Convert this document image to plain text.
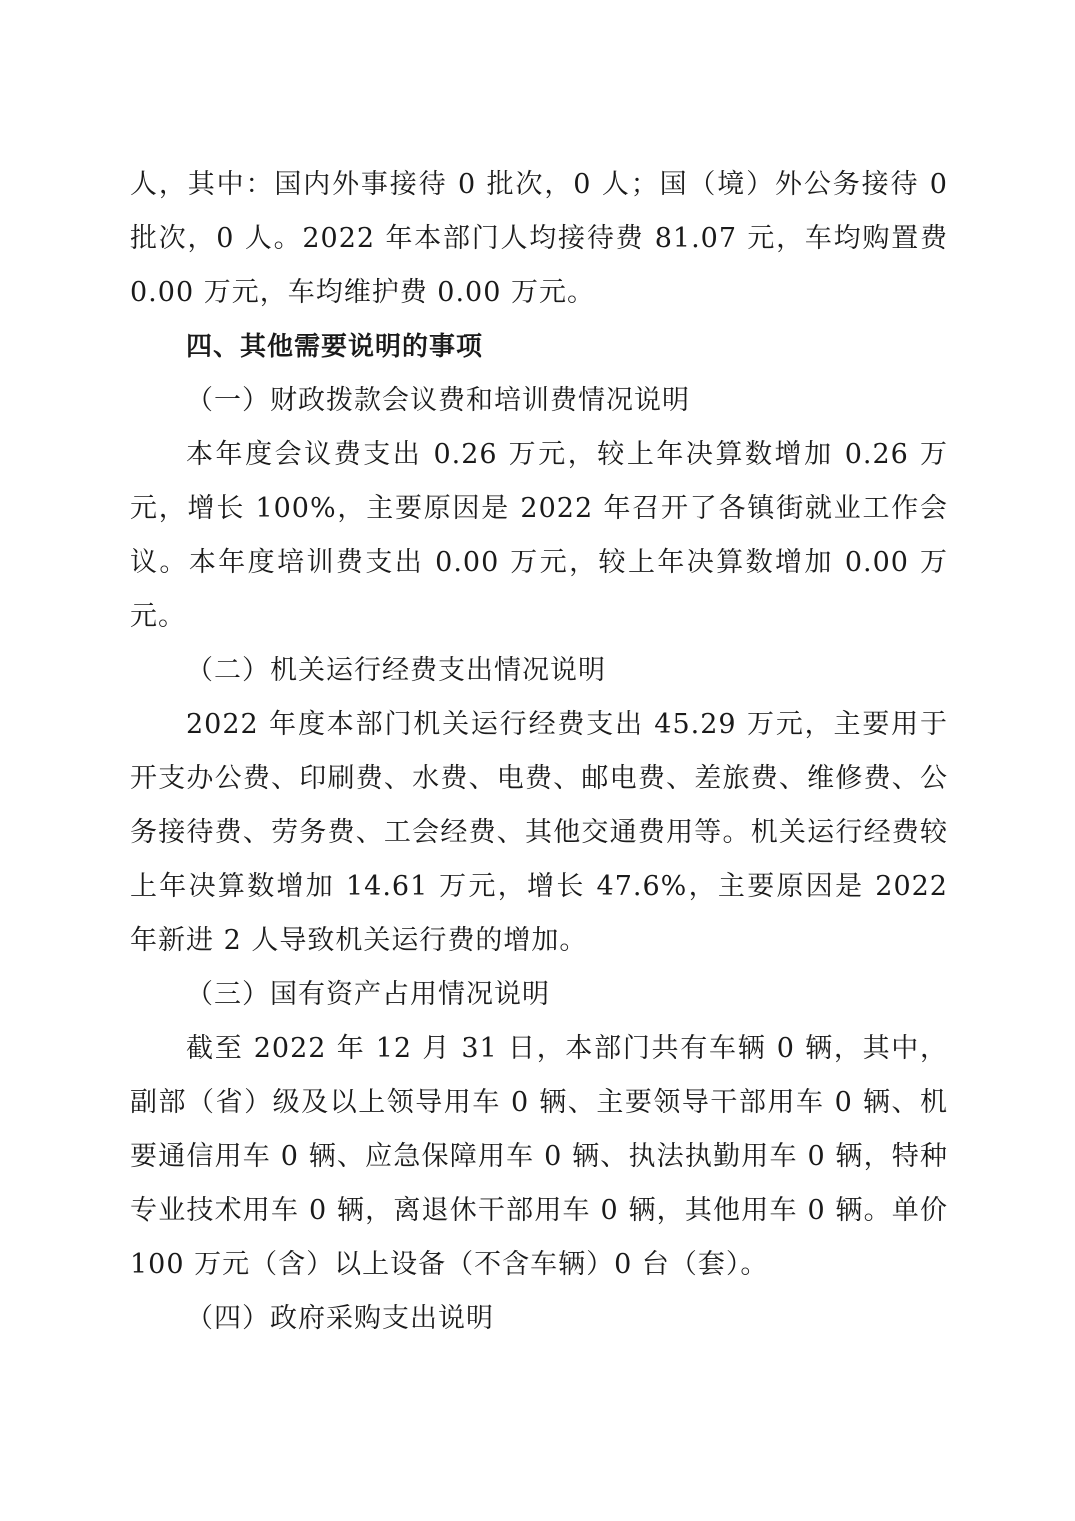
人，其中：国内外事接待 0 批次，0 人；国（境）外公务接待 0 批次，0 人。2022 年本部门人均接待费 81.07 元，车均购置费 0.00 万元，车均维护费 0.00 万元。

四、其他需要说明的事项

（一）财政拨款会议费和培训费情况说明

本年度会议费支出 0.26 万元，较上年决算数增加 0.26 万元，增长 100%，主要原因是 2022 年召开了各镇街就业工作会议。本年度培训费支出 0.00 万元，较上年决算数增加 0.00 万元。

（二）机关运行经费支出情况说明

2022 年度本部门机关运行经费支出 45.29 万元，主要用于开支办公费、印刷费、水费、电费、邮电费、差旅费、维修费、公务接待费、劳务费、工会经费、其他交通费用等。机关运行经费较上年决算数增加 14.61 万元，增长 47.6%，主要原因是 2022 年新进 2 人导致机关运行费的增加。

（三）国有资产占用情况说明

截至 2022 年 12 月 31 日，本部门共有车辆 0 辆，其中，副部（省）级及以上领导用车 0 辆、主要领导干部用车 0 辆、机要通信用车 0 辆、应急保障用车 0 辆、执法执勤用车 0 辆，特种专业技术用车 0 辆，离退休干部用车 0 辆，其他用车 0 辆。单价 100 万元（含）以上设备（不含车辆）0 台（套）。

（四）政府采购支出说明
